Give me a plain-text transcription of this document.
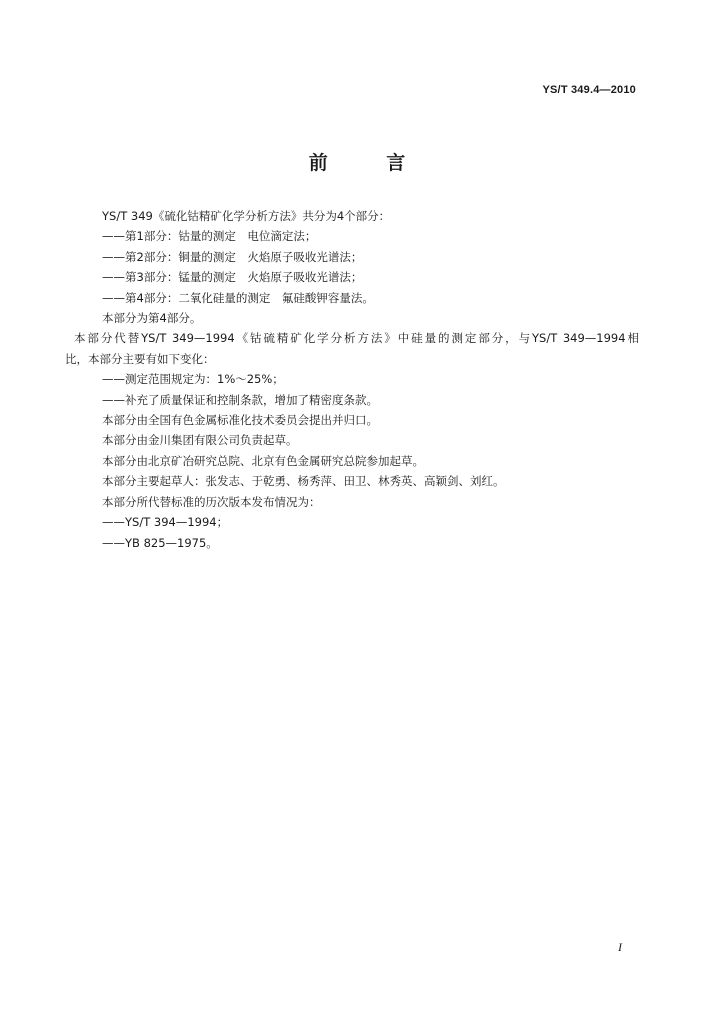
YS/T 349.4—2010
前 言

YS/T 349《硫化钴精矿化学分析方法》共分为4个部分：

——第1部分：钴量的测定　电位滴定法；

——第2部分：铜量的测定　火焰原子吸收光谱法；

——第3部分：锰量的测定　火焰原子吸收光谱法；

——第4部分：二氧化硅量的测定　氟硅酸钾容量法。

本部分为第4部分。

本部分代替YS/T 349—1994《钴硫精矿化学分析方法》中硅量的测定部分，与YS/T 349—1994相
比，本部分主要有如下变化：

——测定范围规定为：1%～25%；

——补充了质量保证和控制条款，增加了精密度条款。

本部分由全国有色金属标准化技术委员会提出并归口。

本部分由金川集团有限公司负责起草。

本部分由北京矿冶研究总院、北京有色金属研究总院参加起草。

本部分主要起草人：张发志、于乾勇、杨秀萍、田卫、林秀英、高颖剑、刘红。

本部分所代替标准的历次版本发布情况为：

——YS/T 394—1994；

——YB 825—1975。

I
